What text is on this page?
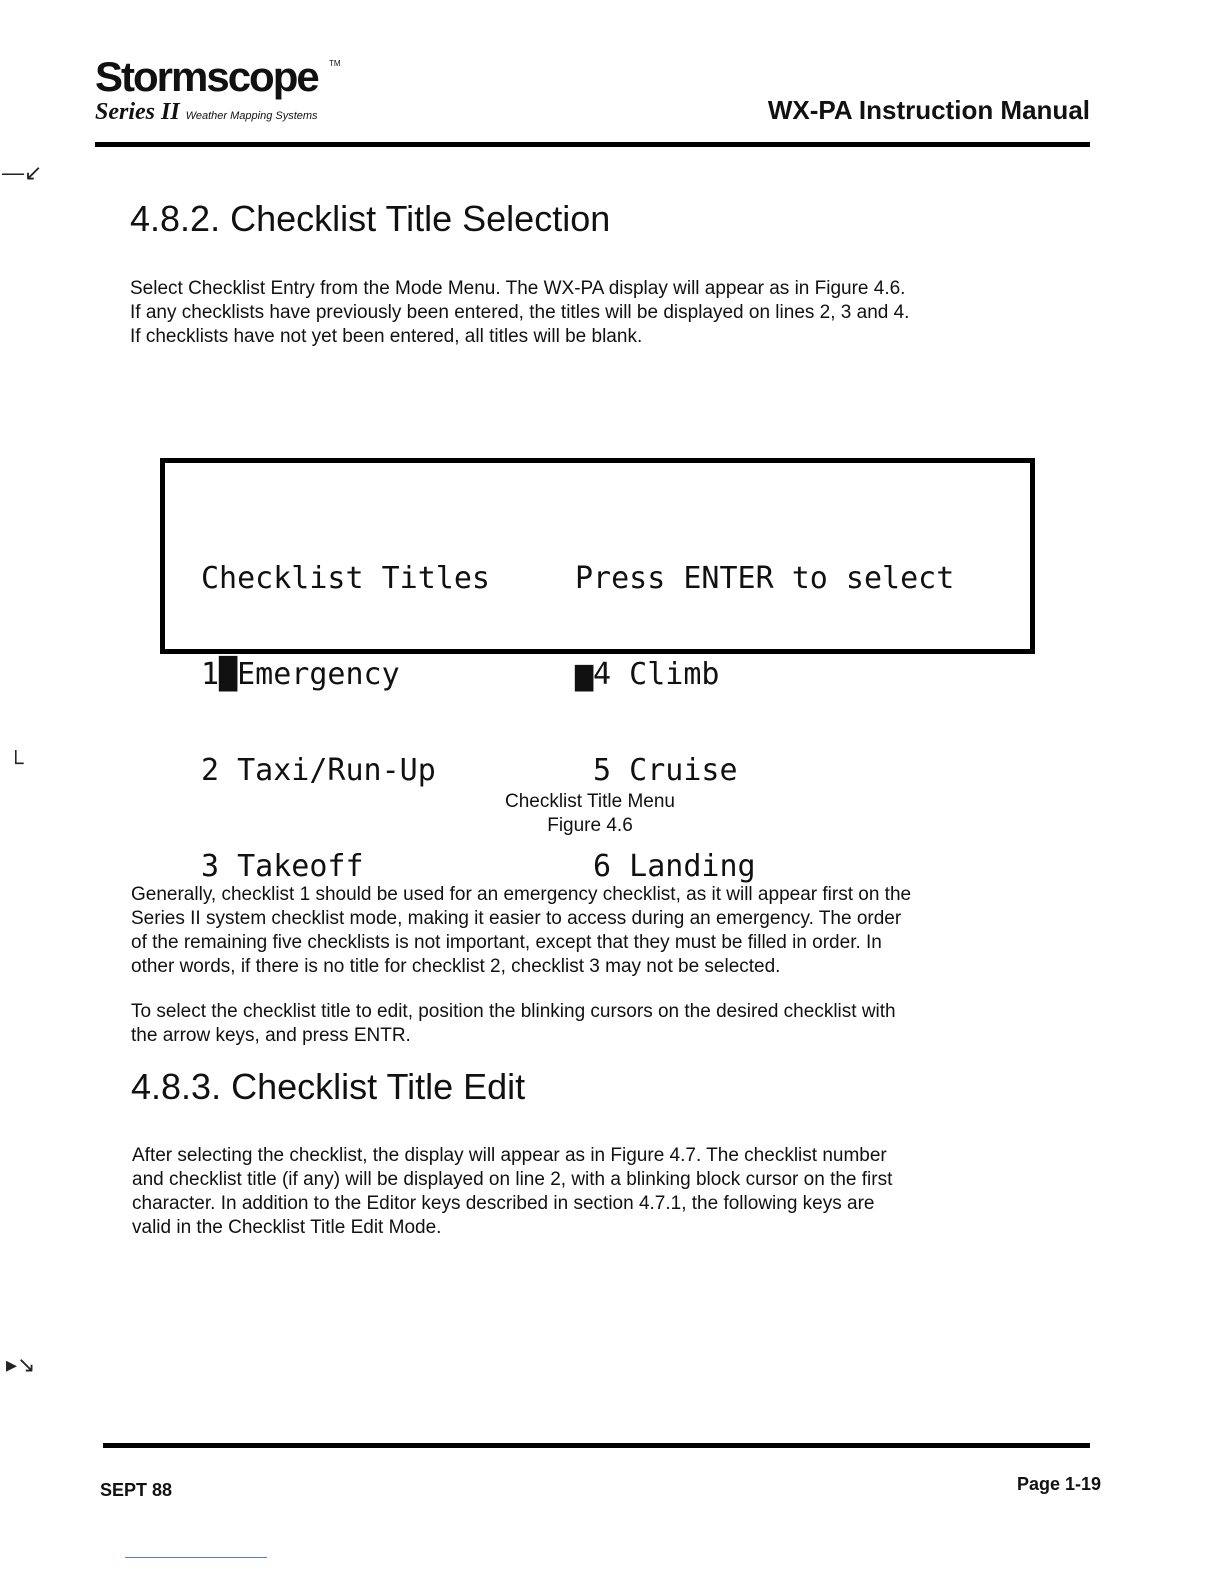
Stormscope TM
Series II Weather Mapping Systems	WX-PA Instruction Manual
—↙
└
▸↘
4.8.2. Checklist Title Selection
Select Checklist Entry from the Mode Menu. The WX-PA display will appear as in Figure 4.6.
If any checklists have previously been entered, the titles will be displayed on lines 2, 3 and 4.
If checklists have not yet been entered, all titles will be blank.

Checklist Titles

1█Emergency

2 Taxi/Run-Up

3 Takeoff

Press ENTER to select

▆4 Climb

5 Cruise

6 Landing

Checklist Title Menu
Figure 4.6
Generally, checklist 1 should be used for an emergency checklist, as it will appear first on the
Series II system checklist mode, making it easier to access during an emergency. The order
of the remaining five checklists is not important, except that they must be filled in order. In
other words, if there is no title for checklist 2, checklist 3 may not be selected.
To select the checklist title to edit, position the blinking cursors on the desired checklist with
the arrow keys, and press ENTR.
4.8.3. Checklist Title Edit
After selecting the checklist, the display will appear as in Figure 4.7. The checklist number
and checklist title (if any) will be displayed on line 2, with a blinking block cursor on the first
character. In addition to the Editor keys described in section 4.7.1, the following keys are
valid in the Checklist Title Edit Mode.
SEPT 88	Page 1-19
